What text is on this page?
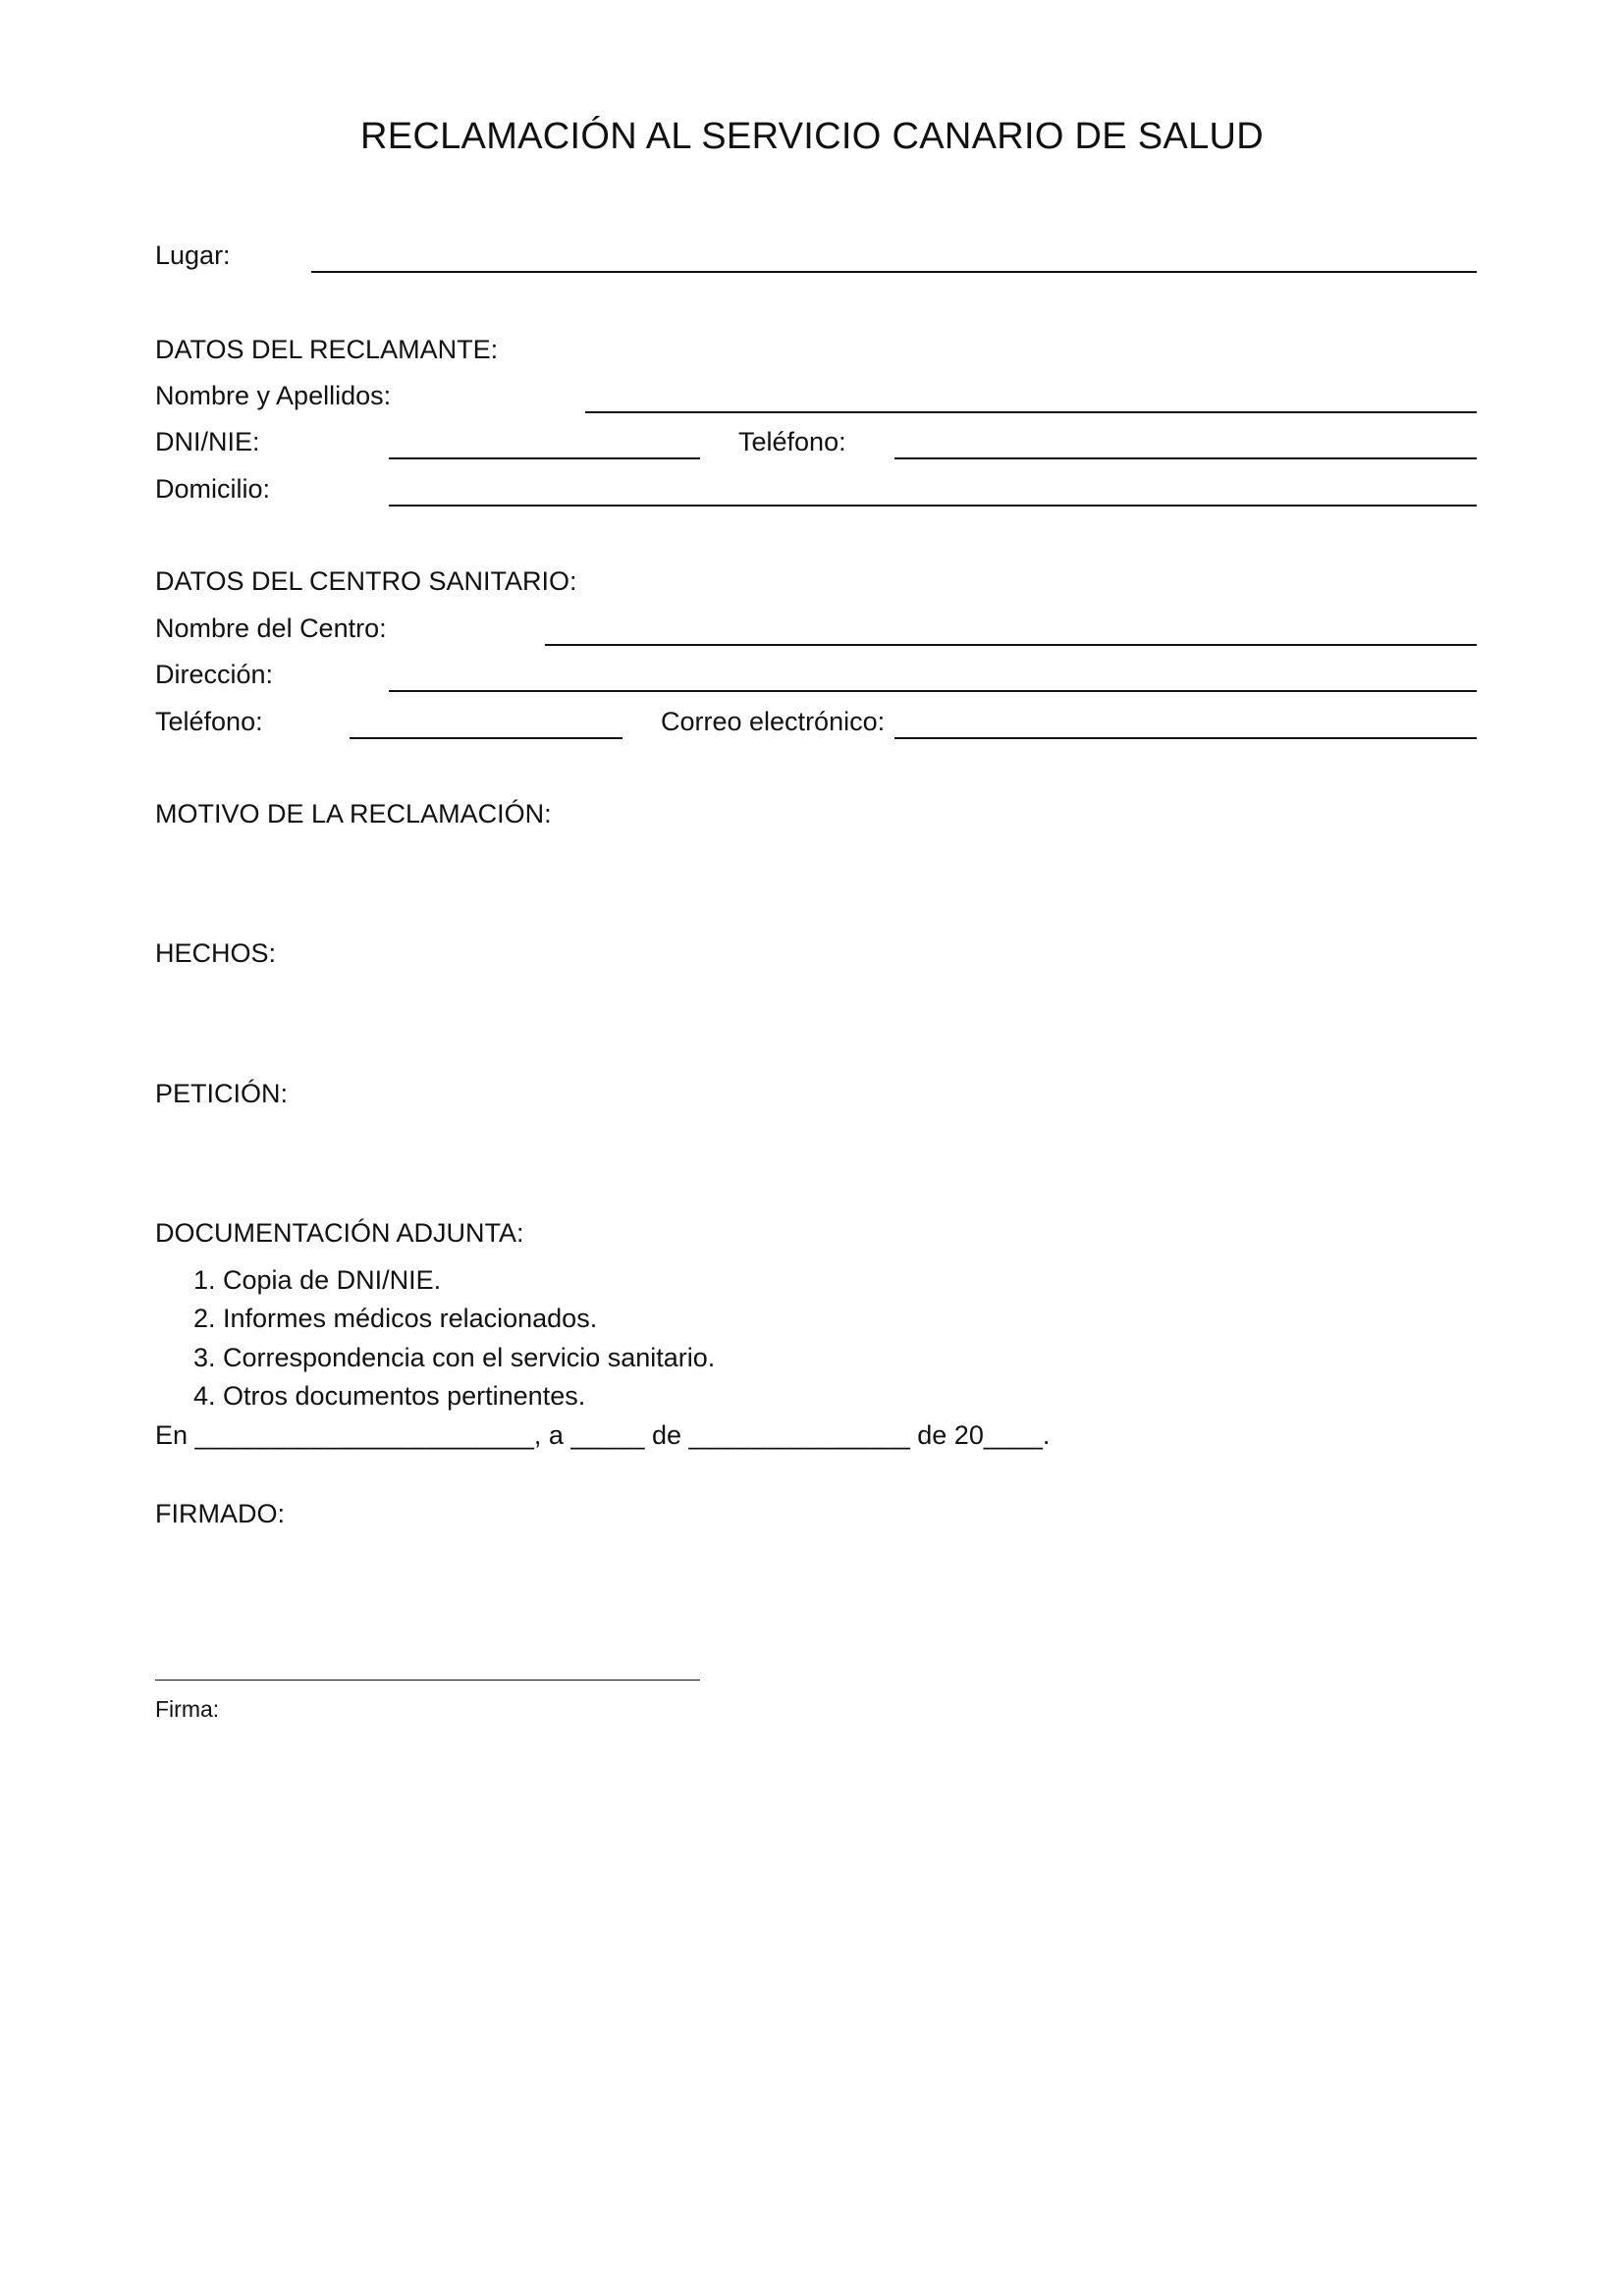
RECLAMACIÓN AL SERVICIO CANARIO DE SALUD
Lugar:
DATOS DEL RECLAMANTE:
Nombre y Apellidos:
DNI/NIE:	Teléfono:
Domicilio:
DATOS DEL CENTRO SANITARIO:
Nombre del Centro:
Dirección:
Teléfono:	Correo electrónico:
MOTIVO DE LA RECLAMACIÓN:
HECHOS:
PETICIÓN:
DOCUMENTACIÓN ADJUNTA:
1. Copia de DNI/NIE.
2. Informes médicos relacionados.
3. Correspondencia con el servicio sanitario.
4. Otros documentos pertinentes.
En _______________________, a _____ de _______________ de 20____.
FIRMADO:
Firma:
